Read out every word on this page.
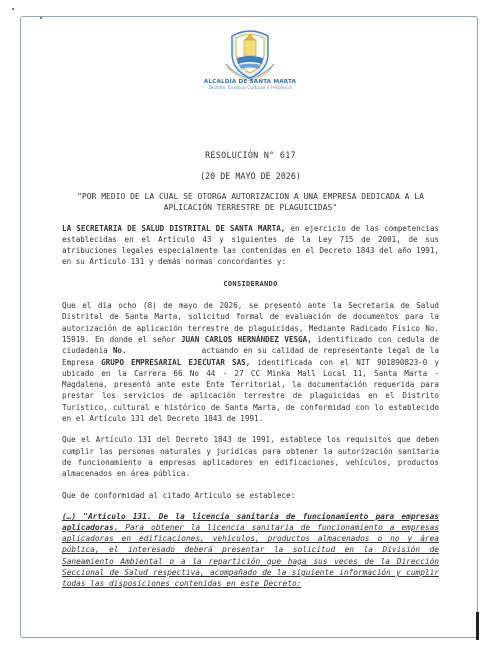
ALCALDÍA DE SANTA MARTA
Distrito Turístico Cultural e Histórico
RESOLUCIÓN N° 617
(20 DE MAYO DE 2026)
"POR MEDIO DE LA CUAL SE OTORGA AUTORIZACION A UNA EMPRESA DEDICADA A LA APLICACIÓN TERRESTRE DE PLAGUICIDAS"
LA SECRETARIA DE SALUD DISTRITAL DE SANTA MARTA, en ejercicio de las competencias establecidas en el Artículo 43 y siguientes de la Ley 715 de 2001, de sus atribuciones legales especialmente las contenidas en el Decreto 1843 del año 1991, en su Artículo 131 y demás normas concordantes y:
CONSIDERANDO
Que el día ocho (8) de mayo de 2026, se presentó ante la Secretaria de Salud Distrital de Santa Marta, solicitud formal de evaluación de documentos para la autorización de aplicación terrestre de plaguicidas, Mediante Radicado Físico No. 15919. En donde el señor JUAN CARLOS HERNÁNDEZ VESGA, identificado con cedula de ciudadanía No.	actuando en su calidad de representante legal de la Empresa GRUPO EMPRESARIAL EJECUTAR SAS, identificada con el NIT 901890823-0 y ubicado en la Carrera 66 No 44 - 27 CC Minka Mall Local 11, Santa Marta - Magdalena, presentó ante este Ente Territorial, la documentación requerida para prestar los servicios de aplicación terrestre de plaguicidas en el Distrito Turístico, cultural e histórico de Santa Marta, de conformidad con lo establecido en el Artículo 131 del Decreto 1843 de 1991.
Que el Artículo 131 del Decreto 1843 de 1991, establece los requisitos que deben cumplir las personas naturales y jurídicas para obtener la autorización sanitaria de funcionamiento a empresas aplicadores en edificaciones, vehículos, productos almacenados en área pública.
Que de conformidad al citado Artículo se establece:
(…) "Artículo 131. De la licencia sanitaria de funcionamiento para empresas aplicadoras. Para obtener la licencia sanitaria de funcionamiento a empresas aplicadoras en edificaciones, vehículos, productos almacenados o no y área pública, el interesado deberá presentar la solicitud en la División de Saneamiento Ambiental o a la repartición que haga sus veces de la Dirección Seccional de Salud respectiva, acompañado de la siguiente información y cumplir todas las disposiciones contenidas en este Decreto:
